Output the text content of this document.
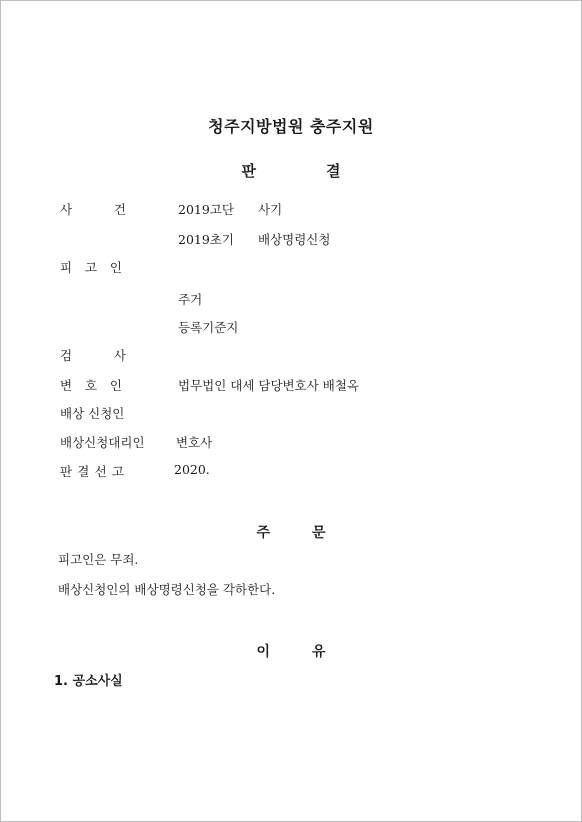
청주지방법원 충주지원
판	결
사	건	2019고단 사기
2019초기 배상명령신청
피 고 인
주거
등록기준지
검	사
변 호 인	법무법인 대세 담당변호사 배철옥
배상 신청인
배상신청대리인	변호사
판 결 선 고	2020.
주	문
피고인은 무죄.
배상신청인의 배상명령신청을 각하한다.
이	유
1. 공소사실
